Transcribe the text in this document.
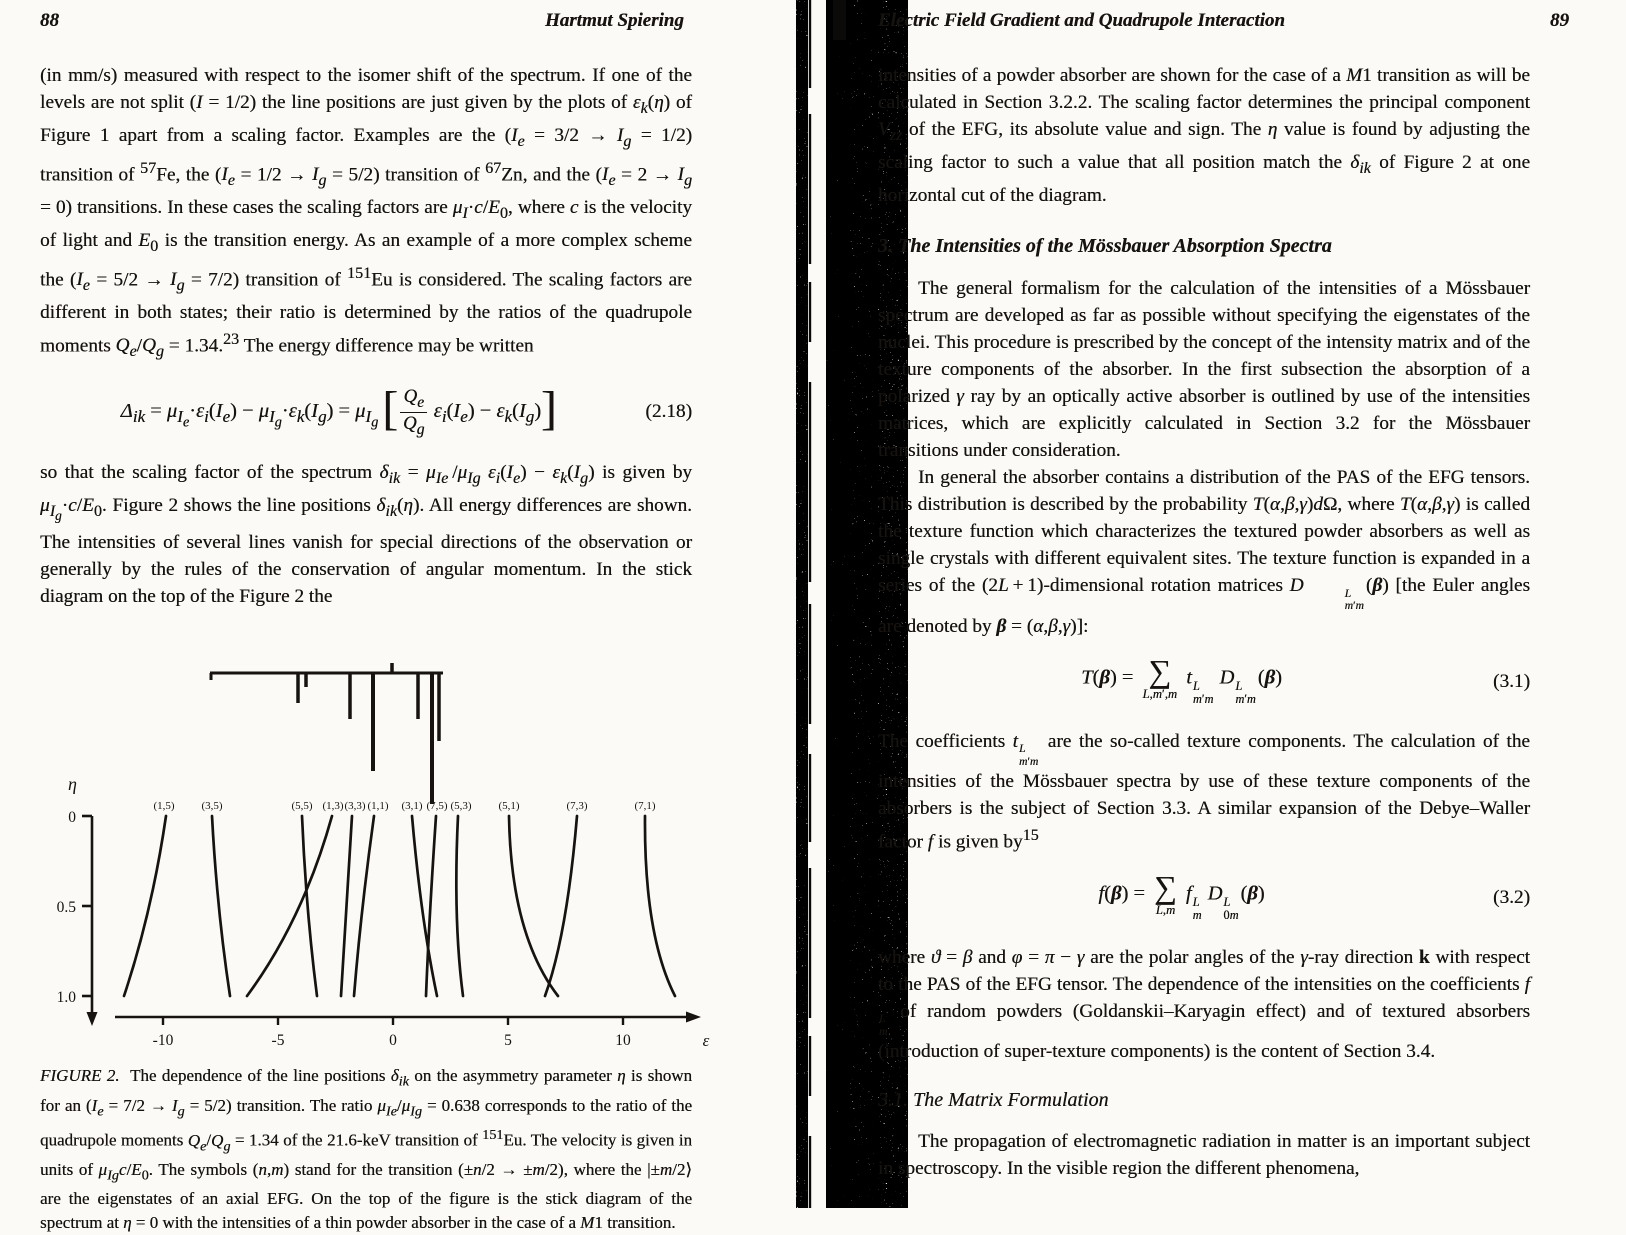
88	Hartmut Spiering

(in mm/s) measured with respect to the isomer shift of the spectrum. If one of the levels are not split (I = 1/2) the line positions are just given by the plots of $\varepsilon_k(\eta)$ of Figure 1 apart from a scaling factor. Examples are the $(I_e = 3/2 \to I_g = 1/2)$ transition of $^{57}$Fe, the $(I_e = 1/2 \to I_g = 5/2)$ transition of $^{67}$Zn, and the $(I_e = 2 \to I_g = 0)$ transitions. In these cases the scaling factors are $\mu_I\cdot c/E_0$, where c is the velocity of light and $E_0$ is the transition energy. As an example of a more complex scheme the $(I_e = 5/2 \to I_g = 7/2)$ transition of $^{151}$Eu is considered. The scaling factors are different in both states; their ratio is determined by the ratios of the quadrupole moments $Q_e/Q_g = 1.34.23$ The energy difference may be written

$\Delta_{ik} = \mu_{I_e}\cdot\varepsilon_i(I_e) - \mu_{I_g}\cdot\varepsilon_k(I_g) = \mu_{I_g}$ [ $\frac{Q_e}{Q_g}$
  $\varepsilon_i(I_e) - \varepsilon_k(I_g)$]	(2.18)

so that the scaling factor of the spectrum $\delta_{ik} = \mu_{Ie}$ $/\mu_{Ig}$ $\varepsilon_i(I_e) - \varepsilon_k(I_g)$ is given by $\mu_{I_g}\cdot c/E_0$. Figure 2 shows the line positions $\delta_{ik}(\eta)$. All energy differences are shown. The intensities of several lines vanish for special directions of the observation or generally by the rules of the conservation of angular momentum. In the stick diagram on the top of the Figure 2 the

η
0
0.5
1.0
-10	-5	0	5	10	ε
(1,5) (3,5)	(5,5) (1,3) (3,3) (1,1) (3,1) (7,5) (5,3) (5,1)	(7,3)	(7,1)

FIGURE 2.  The dependence of the line positions $\delta_{ik}$ on the asymmetry parameter η is shown for an $(I_e = 7/2 \to I_g = 5/2)$ transition. The ratio $\mu_{Ie}/\mu_{Ig} = 0.638$ corresponds to the ratio of the quadrupole moments $Q_e/Q_g = 1.34$ of the 21.6-keV transition of $^{151}$Eu. The velocity is given in units of $\mu_{Ig}c/E_0$. The symbols (n,m) stand for the transition (±n/2 → ±m/2), where the |±m/2⟩ are the eigenstates of an axial EFG. On the top of the figure is the stick diagram of the spectrum at η = 0 with the intensities of a thin powder absorber in the case of a M1 transition.

Electric Field Gradient and Quadrupole Interaction	89

intensities of a powder absorber are shown for the case of a M1 transition as will be calculated in Section 3.2.2. The scaling factor determines the principal component $V_{zz}$ of the EFG, its absolute value and sign. The η value is found by adjusting the scaling factor to such a value that all position match the $\delta_{ik}$ of Figure 2 at one horizontal cut of the diagram.

3. The Intensities of the Mössbauer Absorption Spectra

The general formalism for the calculation of the intensities of a Mössbauer spectrum are developed as far as possible without specifying the eigenstates of the nuclei. This procedure is prescribed by the concept of the intensity matrix and of the texture components of the absorber. In the first subsection the absorption of a polarized γ ray by an optically active absorber is outlined by use of the intensities matrices, which are explicitly calculated in Section 3.2 for the Mössbauer transitions under consideration.

In general the absorber contains a distribution of the PAS of the EFG tensors. This distribution is described by the probability T(α,β,γ)dΩ, where T(α,β,γ) is called the texture function which characterizes the textured powder absorbers as well as single crystals with different equivalent sites. The texture function is expanded in a series of the (2L + 1)-dimensional rotation matrices D	L
m′m
(β) [the Euler angles are denoted by β = (α,β,γ)]:

T(β) = ∑
L,m′,m
t L
m′m
 D L
m′m
(β)	(3.1)

The coefficients t L
m′m
are the so-called texture components. The calculation of the intensities of the Mössbauer spectra by use of these texture components of the absorbers is the subject of Section 3.3. A similar expansion of the Debye–Waller factor f is given $by^{15}$

f(β) = ∑
L,m
f L
m
 D L
0m
(β)	(3.2)

where ϑ = β and φ = π − γ are the polar angles of the γ-ray direction k with respect to the PAS of the EFG tensor. The dependence of the intensities on the coefficients f
L
m
of random powders (Goldanskii–Karyagin effect) and of textured absorbers (introduction of super-texture components) is the content of Section 3.4.

3.1. The Matrix Formulation

The propagation of electromagnetic radiation in matter is an important subject in spectroscopy. In the visible region the different phenomena,
